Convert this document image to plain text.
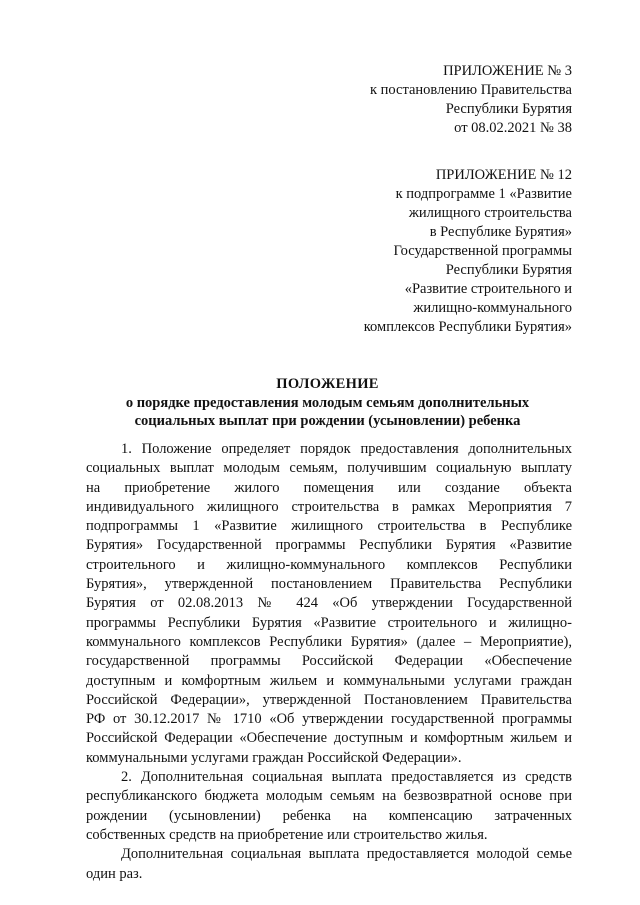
ПРИЛОЖЕНИЕ № 3
к постановлению Правительства
Республики Бурятия
от 08.02.2021 № 38
ПРИЛОЖЕНИЕ № 12
к подпрограмме 1 «Развитие
жилищного строительства
в Республике Бурятия»
Государственной программы
Республики Бурятия
«Развитие строительного и
жилищно-коммунального
комплексов Республики Бурятия»
ПОЛОЖЕНИЕ
о порядке предоставления молодым семьям дополнительных
социальных выплат при рождении (усыновлении) ребенка
1. Положение определяет порядок предоставления дополнительных
социальных выплат молодым семьям, получившим социальную выплату
на приобретение жилого помещения или создание объекта
индивидуального жилищного строительства в рамках Мероприятия 7
подпрограммы 1 «Развитие жилищного строительства в Республике
Бурятия» Государственной программы Республики Бурятия «Развитие
строительного и жилищно-коммунального комплексов Республики
Бурятия», утвержденной постановлением Правительства Республики
Бурятия от 02.08.2013 № 424 «Об утверждении Государственной
программы Республики Бурятия «Развитие строительного и жилищно-
коммунального комплексов Республики Бурятия» (далее – Мероприятие),
государственной программы Российской Федерации «Обеспечение
доступным и комфортным жильем и коммунальными услугами граждан
Российской Федерации», утвержденной Постановлением Правительства
РФ от 30.12.2017 № 1710 «Об утверждении государственной программы
Российской Федерации «Обеспечение доступным и комфортным жильем и
коммунальными услугами граждан Российской Федерации».
2. Дополнительная социальная выплата предоставляется из средств
республиканского бюджета молодым семьям на безвозвратной основе при
рождении (усыновлении) ребенка на компенсацию затраченных
собственных средств на приобретение или строительство жилья.
Дополнительная социальная выплата предоставляется молодой семье
один раз.
